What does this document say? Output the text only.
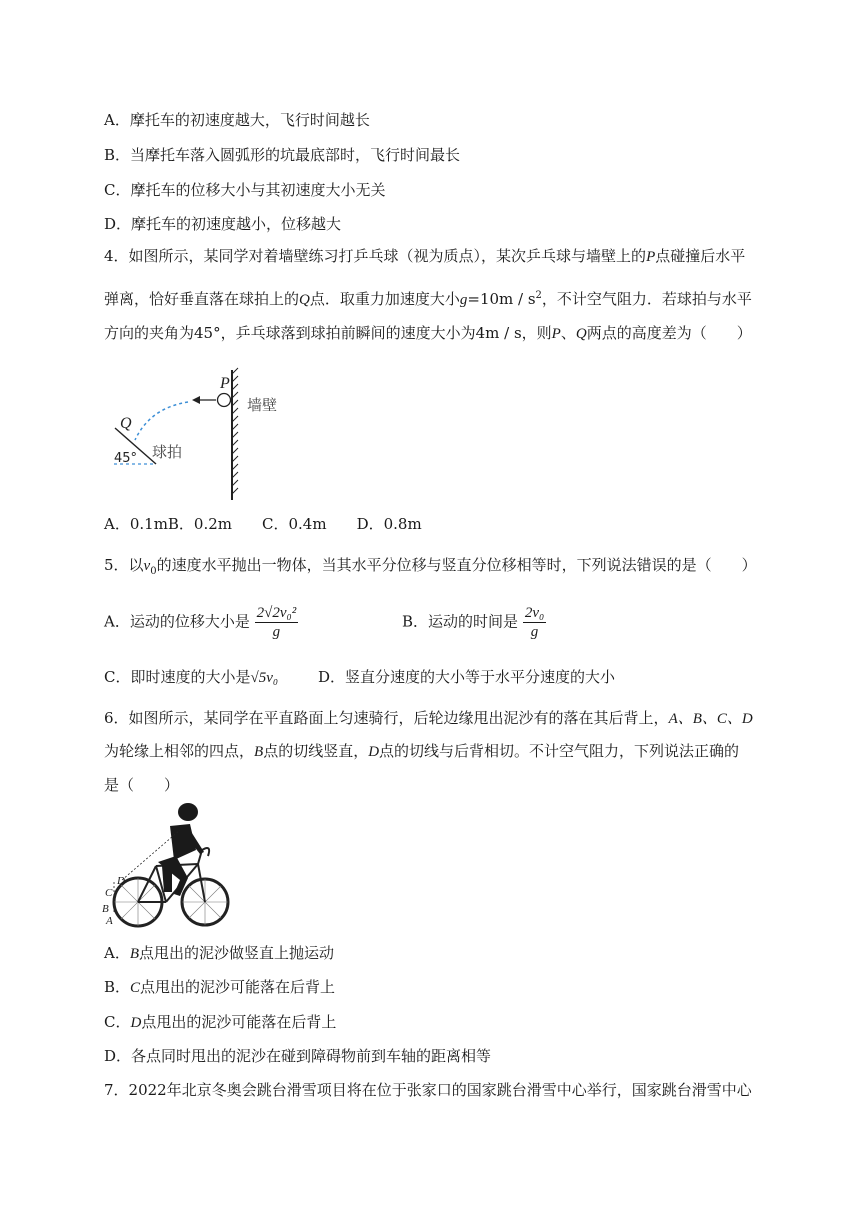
A．摩托车的初速度越大，飞行时间越长
B．当摩托车落入圆弧形的坑最底部时，飞行时间最长
C．摩托车的位移大小与其初速度大小无关
D．摩托车的初速度越小，位移越大
4．如图所示，某同学对着墙壁练习打乒乓球（视为质点），某次乒乓球与墙壁上的P点碰撞后水平
弹离，恰好垂直落在球拍上的Q点．取重力加速度大小$g=10m / s^2$，不计空气阻力．若球拍与水平
方向的夹角为45°，乒乓球落到球拍前瞬间的速度大小为4m / s，则P、Q两点的高度差为（　　）
P
Q
墙壁
球拍
45°
A．0.1mB．0.2m　　C．0.4m　　D．0.8m
5．以$v_0$的速度水平抛出一物体，当其水平分位移与竖直分位移相等时，下列说法错误的是（　　）
A．运动的位移大小是 $\frac{\text{2√2v₀²}}{g}$	B．运动的时间是 $\frac{\text{2v₀}}{g}$
C．即时速度的大小是√5v₀	D．竖直分速度的大小等于水平分速度的大小
6．如图所示，某同学在平直路面上匀速骑行，后轮边缘甩出泥沙有的落在其后背上，A、B、C、D
为轮缘上相邻的四点，B点的切线竖直，D点的切线与后背相切。不计空气阻力，下列说法正确的
是（　　）
D
C
B
A
A．B点甩出的泥沙做竖直上抛运动
B．C点甩出的泥沙可能落在后背上
C．D点甩出的泥沙可能落在后背上
D．各点同时甩出的泥沙在碰到障碍物前到车轴的距离相等
7．2022年北京冬奥会跳台滑雪项目将在位于张家口的国家跳台滑雪中心举行，国家跳台滑雪中心
